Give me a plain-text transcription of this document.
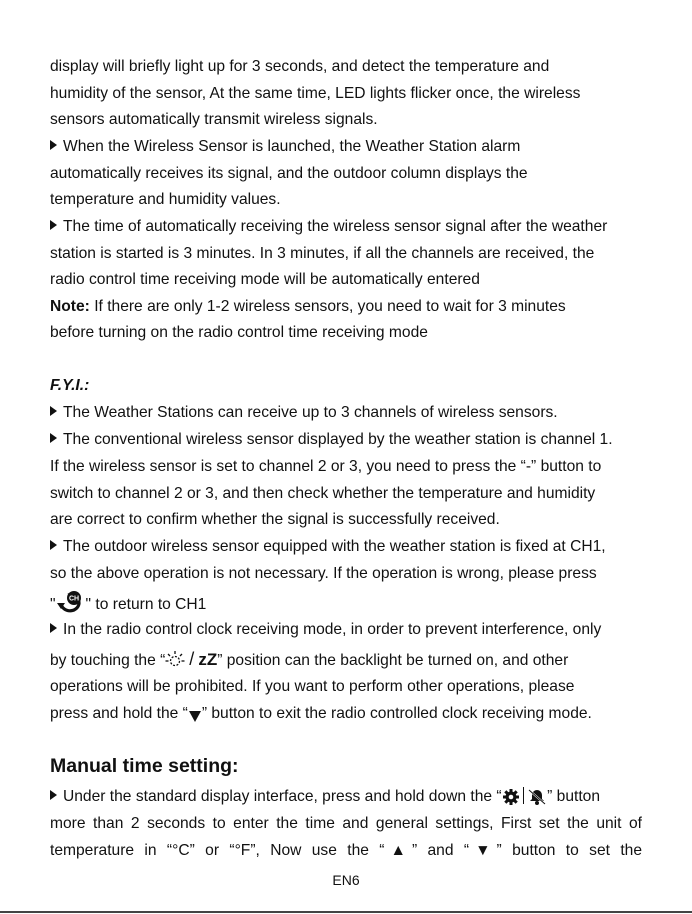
display will briefly light up for 3 seconds, and detect the temperature and
humidity of the sensor, At the same time, LED lights flicker once, the wireless
sensors automatically transmit wireless signals.
When the Wireless Sensor is launched, the Weather Station alarm
automatically receives its signal, and the outdoor column displays the
temperature and humidity values.
The time of automatically receiving the wireless sensor signal after the weather
station is started is 3 minutes. In 3 minutes, if all the channels are received, the
radio control time receiving mode will be automatically entered
Note: If there are only 1-2 wireless sensors, you need to wait for 3 minutes
before turning on the radio control time receiving mode
F.Y.I.:
The Weather Stations can receive up to 3 channels of wireless sensors.
The conventional wireless sensor displayed by the weather station is channel 1.
If the wireless sensor is set to channel 2 or 3, you need to press the “-” button to
switch to channel 2 or 3, and then check whether the temperature and humidity
are correct to confirm whether the signal is successfully received.
The outdoor wireless sensor equipped with the weather station is fixed at CH1,
so the above operation is not necessary. If the operation is wrong, please press
" CH " to return to CH1
In the radio control clock receiving mode, in order to prevent interference, only
by touching the “ / zZ” position can the backlight be turned on, and other
operations will be prohibited. If you want to perform other operations, please
press and hold the “ ” button to exit the radio controlled clock receiving mode.
Manual time setting:
Under the standard display interface, press and hold down the “	” button
more than 2 seconds to enter the time and general settings, First set the unit of
temperature in “°C” or “°F”, Now use the “▲” and “▼” button to set the
EN6
